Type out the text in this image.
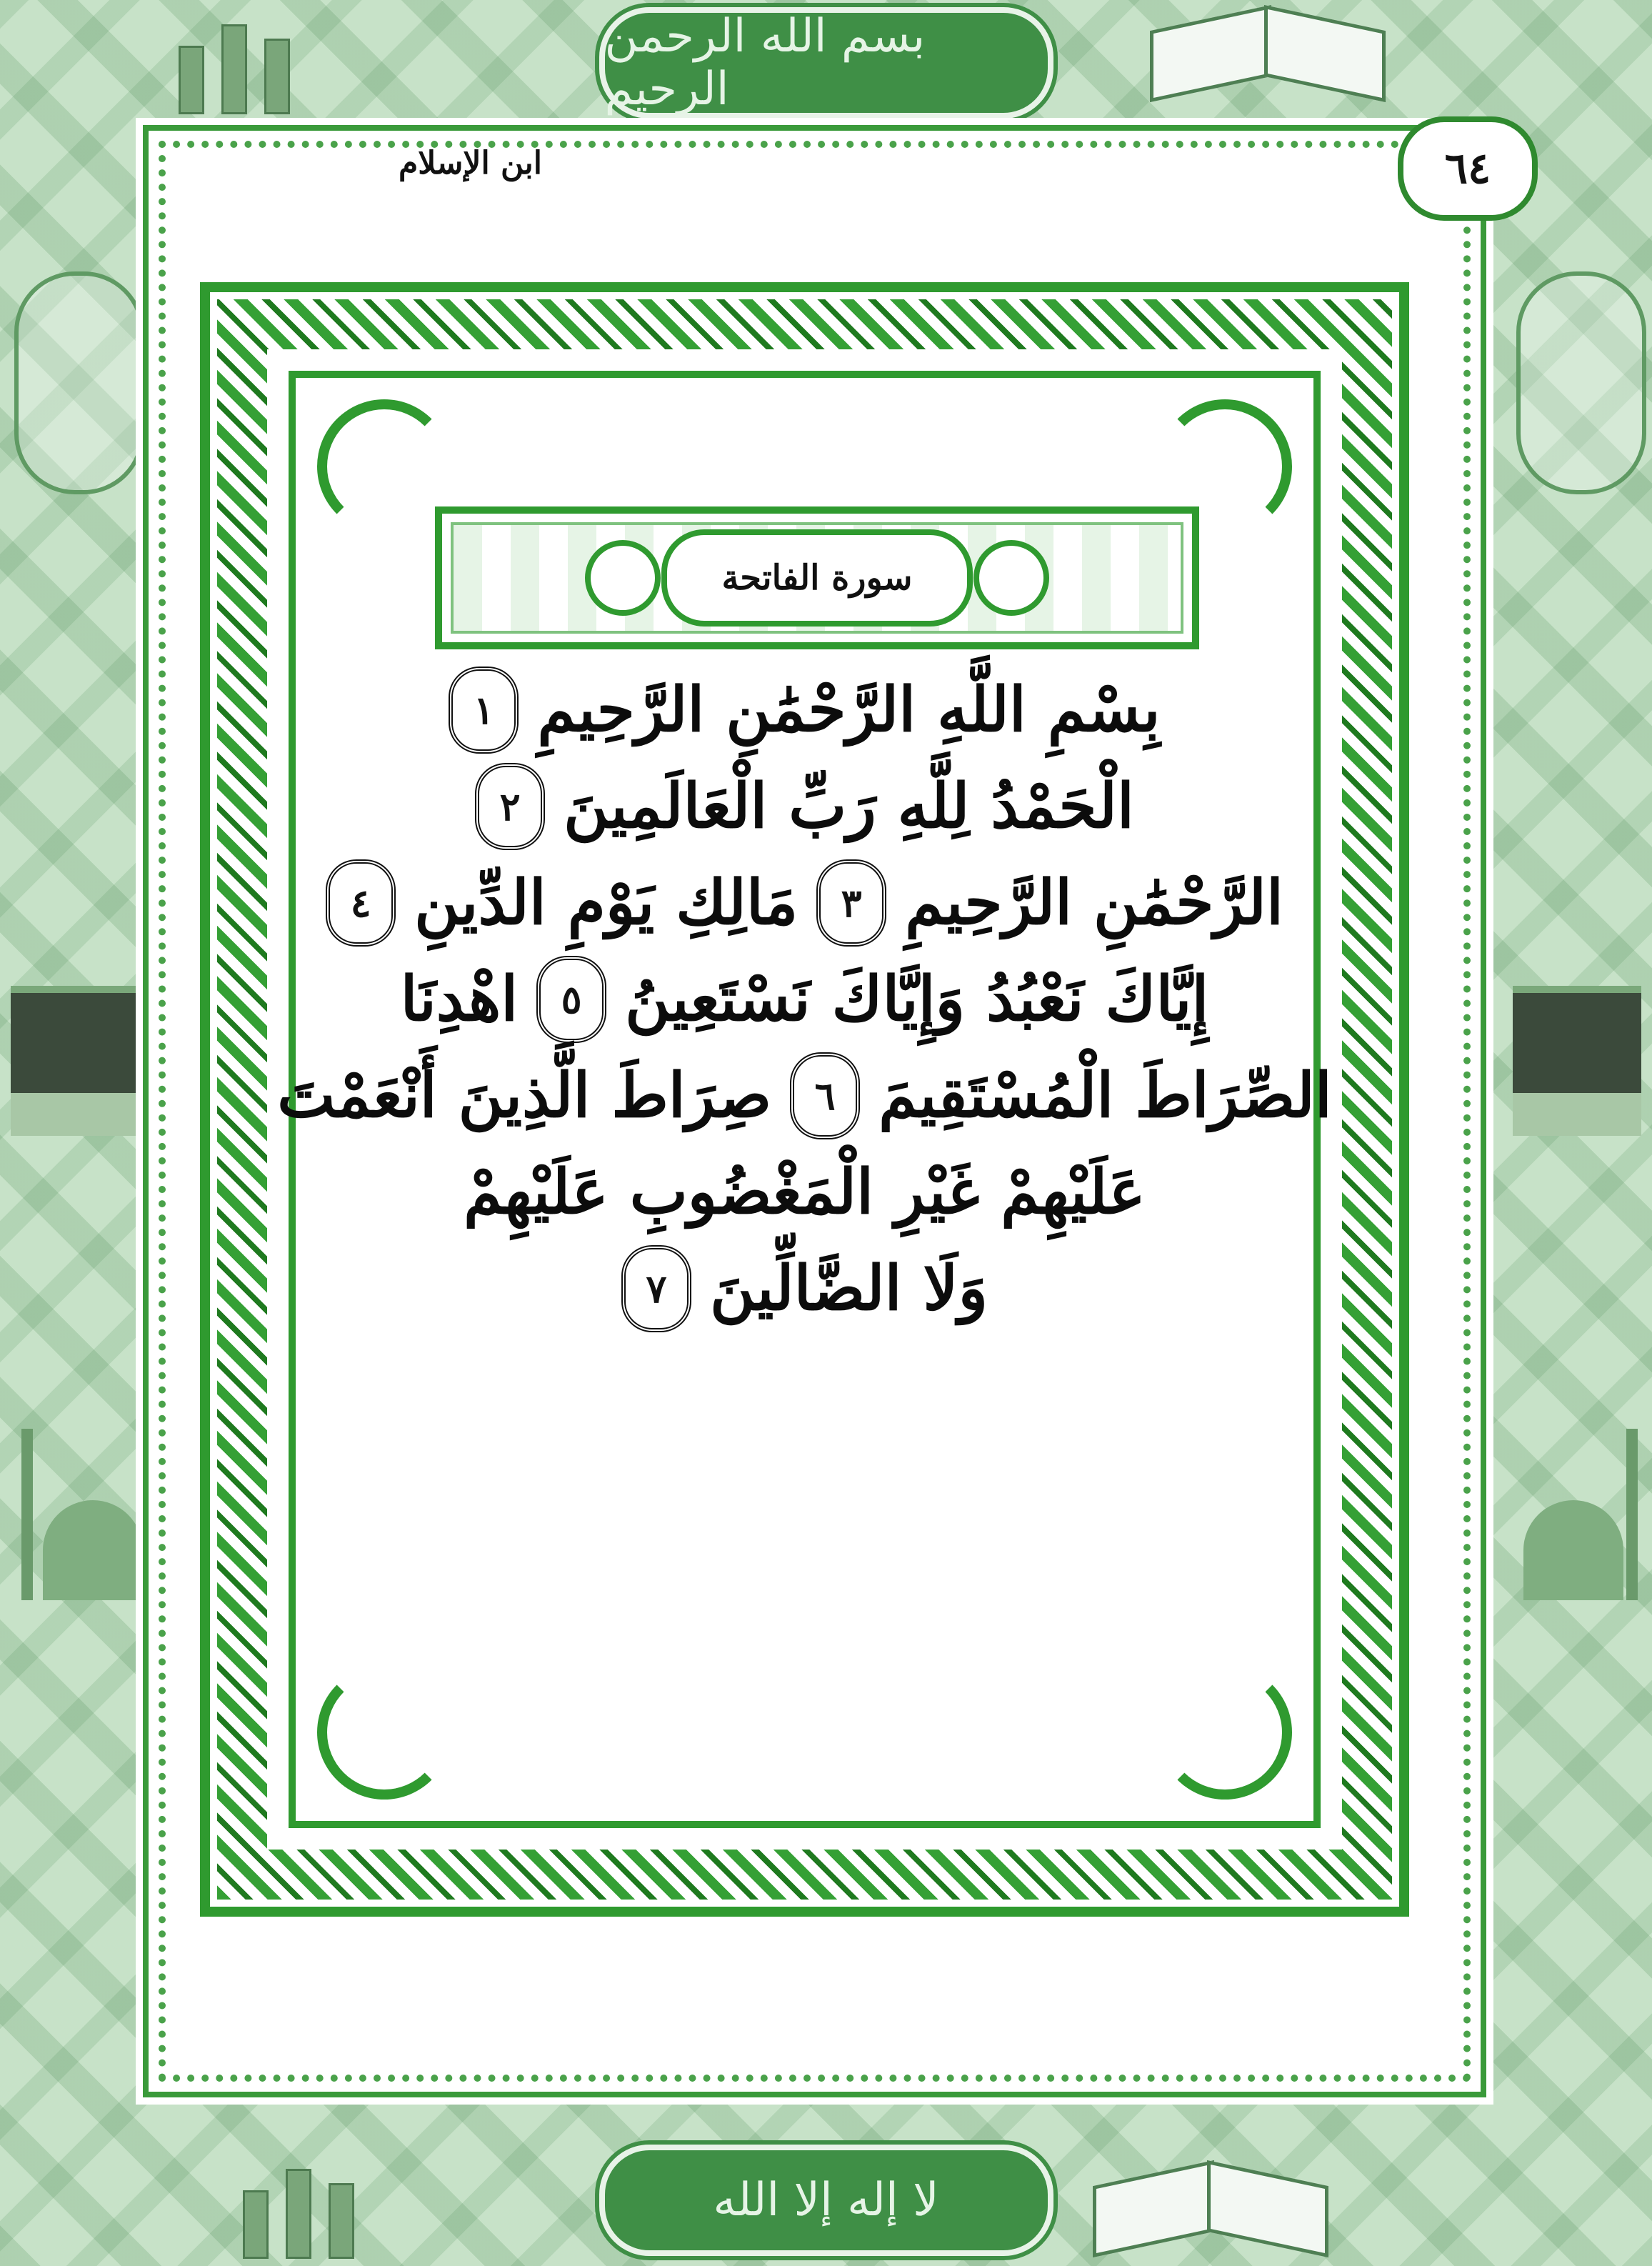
بسم الله الرحمن الرحيم
لا إله إلا الله
ابن الإسلام	٦٤
سورة الفاتحة
بِسْمِ اللَّهِ الرَّحْمَٰنِ الرَّحِيمِ
١
الْحَمْدُ لِلَّهِ رَبِّ الْعَالَمِينَ
٢
الرَّحْمَٰنِ الرَّحِيمِ
٣
مَالِكِ يَوْمِ الدِّينِ
٤
إِيَّاكَ نَعْبُدُ وَإِيَّاكَ نَسْتَعِينُ
٥
اهْدِنَا
الصِّرَاطَ الْمُسْتَقِيمَ
٦
صِرَاطَ الَّذِينَ أَنْعَمْتَ
عَلَيْهِمْ غَيْرِ الْمَغْضُوبِ عَلَيْهِمْ
وَلَا الضَّالِّينَ
٧
